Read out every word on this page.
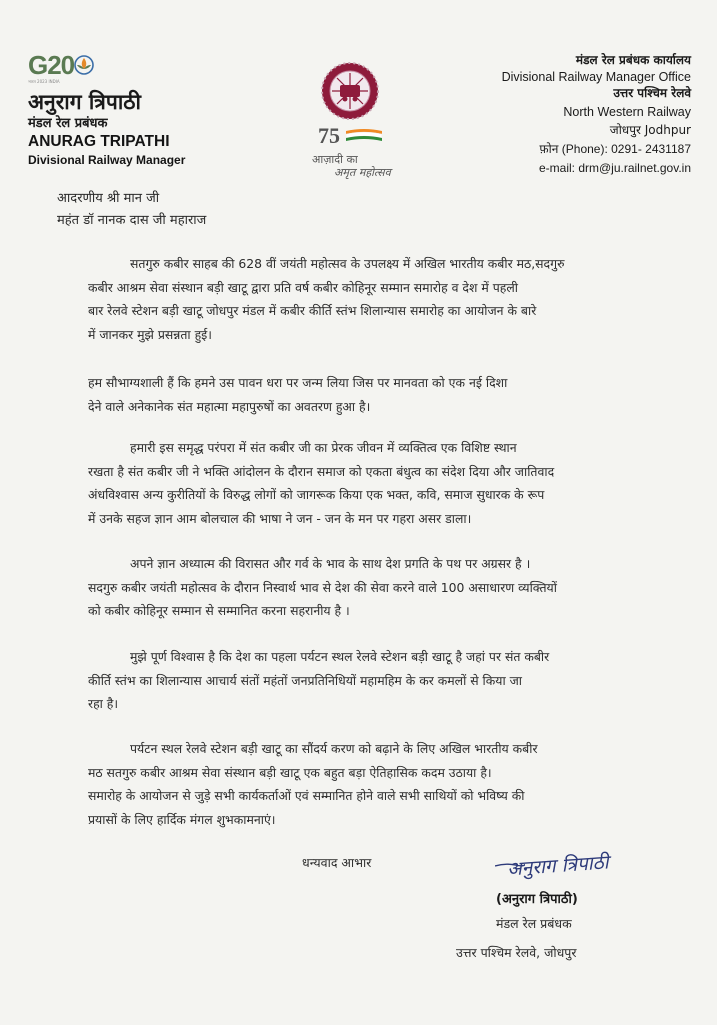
G20
भारत 2023 INDIA
अनुराग त्रिपाठी
मंडल रेल प्रबंधक
ANURAG TRIPATHI
Divisional Railway Manager
75
आज़ादी का
अमृत महोत्सव
मंडल रेल प्रबंधक कार्यालय
Divisional Railway Manager Office
उत्तर पश्चिम रेलवे
North Western Railway
जोधपुर Jodhpur
फ़ोन (Phone): 0291- 2431187
e-mail: drm@ju.railnet.gov.in
आदरणीय श्री मान जी
महंत डॉ नानक दास जी महाराज
सतगुरु कबीर साहब की 628 वीं जयंती महोत्सव के उपलक्ष्य में अखिल भारतीय कबीर मठ,सदगुरु
कबीर आश्रम सेवा संस्थान बड़ी खाटू द्वारा प्रति वर्ष कबीर कोहिनूर सम्मान समारोह व देश में पहली
बार रेलवे स्टेशन बड़ी खाटू जोधपुर मंडल में कबीर कीर्ति स्तंभ शिलान्यास समारोह का आयोजन के बारे
में जानकर मुझे प्रसन्नता हुई।
हम सौभाग्यशाली हैं कि हमने उस पावन धरा पर जन्म लिया जिस पर मानवता को एक नई दिशा
देने वाले अनेकानेक संत महात्मा महापुरुषों का अवतरण हुआ है।
हमारी इस समृद्ध परंपरा में संत कबीर जी का प्रेरक जीवन में व्यक्तित्व एक विशिष्ट स्थान
रखता है संत कबीर जी ने भक्ति आंदोलन के दौरान समाज को एकता बंधुत्व का संदेश दिया और जातिवाद
अंधविश्वास अन्य कुरीतियों के विरुद्ध लोगों को जागरूक किया एक भक्त, कवि, समाज सुधारक के रूप
में उनके सहज ज्ञान आम बोलचाल की भाषा ने जन - जन के मन पर गहरा असर डाला।
अपने ज्ञान अध्यात्म की विरासत और गर्व के भाव के साथ देश प्रगति के पथ पर अग्रसर है ।
सदगुरु कबीर जयंती महोत्सव के दौरान निस्वार्थ भाव से देश की सेवा करने वाले 100 असाधारण व्यक्तियों
को कबीर कोहिनूर सम्मान से सम्मानित करना सहरानीय है ।
मुझे पूर्ण विश्वास है कि देश का पहला पर्यटन स्थल रेलवे स्टेशन बड़ी खाटू है जहां पर संत कबीर
कीर्ति स्तंभ का शिलान्यास आचार्य संतों महंतों जनप्रतिनिधियों महामहिम के कर कमलों से किया जा
रहा है।
पर्यटन स्थल रेलवे स्टेशन बड़ी खाटू का सौंदर्य करण को बढ़ाने के लिए अखिल भारतीय कबीर
मठ सतगुरु कबीर आश्रम सेवा संस्थान बड़ी खाटू एक बहुत बड़ा ऐतिहासिक कदम उठाया है।
समारोह के आयोजन से जुड़े सभी कार्यकर्ताओं एवं सम्मानित होने वाले सभी साथियों को भविष्य की
प्रयासों के लिए हार्दिक मंगल शुभकामनाएं।
धन्यवाद आभार	अनुराग त्रिपाठी
(अनुराग त्रिपाठी)
मंडल रेल प्रबंधक
उत्तर पश्चिम रेलवे, जोधपुर
